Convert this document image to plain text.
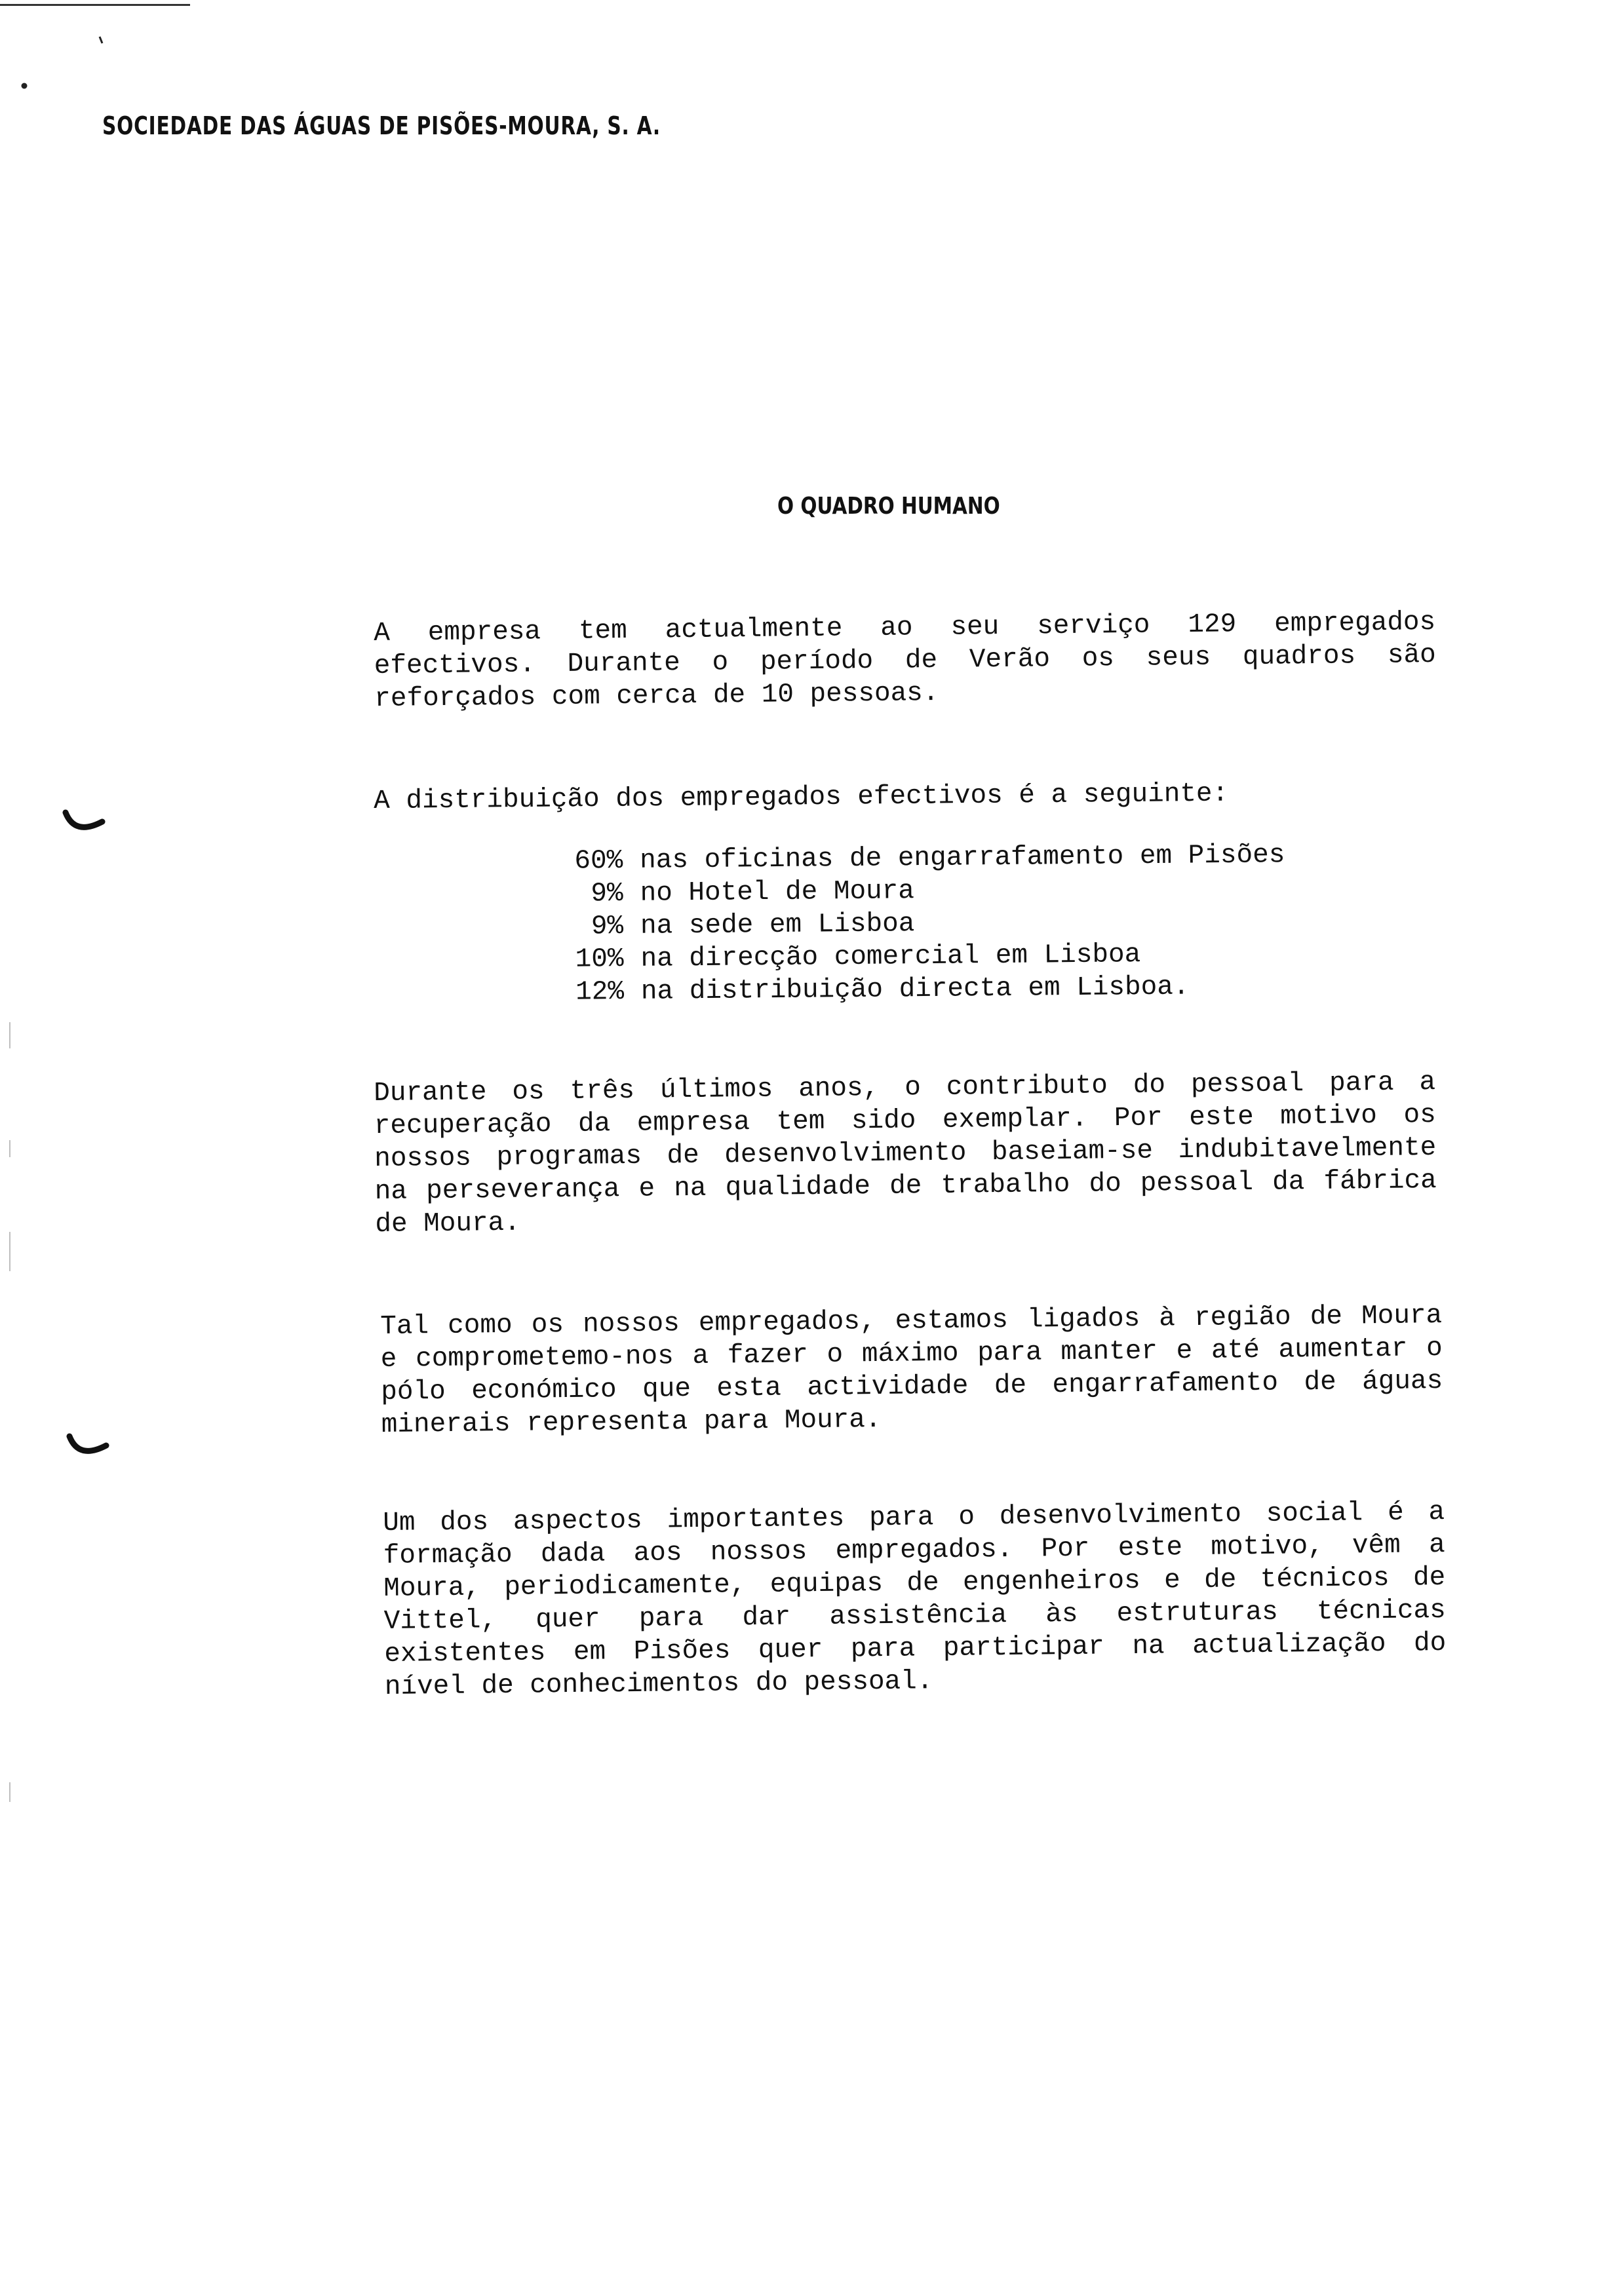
SOCIEDADE DAS ÁGUAS DE PISÕES-MOURA, S. A.
O QUADRO HUMANO

A empresa tem actualmente ao seu serviço 129 empregados efectivos. Durante o período de Verão os seus quadros são reforçados com cerca de 10 pessoas.

A distribuição dos empregados efectivos é a seguinte:

60% nas oficinas de engarrafamento em Pisões
9% no Hotel de Moura
9% na sede em Lisboa
10% na direcção comercial em Lisboa
12% na distribuição directa em Lisboa.

Durante os três últimos anos, o contributo do pessoal para a recuperação da empresa tem sido exemplar. Por este motivo os nossos programas de desenvolvimento baseiam-se indubitavelmente na perseverança e na qualidade de trabalho do pessoal da fábrica de Moura.

Tal como os nossos empregados, estamos ligados à região de Moura e comprometemo-nos a fazer o máximo para manter e até aumentar o pólo económico que esta actividade de engarrafamento de águas minerais representa para Moura.

Um dos aspectos importantes para o desenvolvimento social é a formação dada aos nossos empregados. Por este motivo, vêm a Moura, periodicamente, equipas de engenheiros e de técnicos de Vittel, quer para dar assistência às estruturas técnicas existentes em Pisões quer para participar na actualização do nível de conhecimentos do pessoal.
